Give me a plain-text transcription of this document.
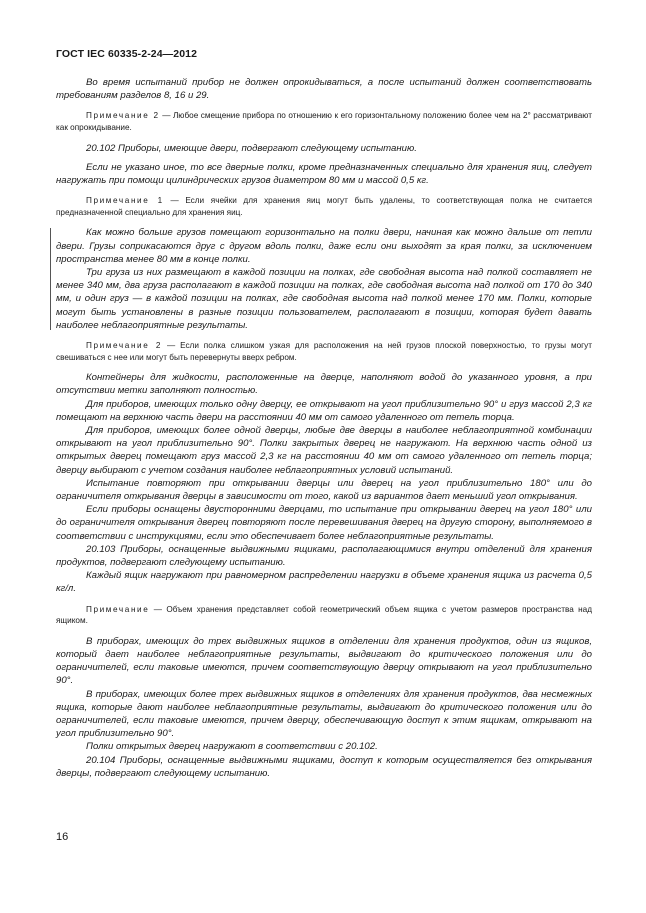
ГОСТ IEC 60335-2-24—2012

Во время испытаний прибор не должен опрокидываться, а после испытаний должен соответствовать требованиям разделов 8, 16 и 29.

Примечание 2 — Любое смещение прибора по отношению к его горизонтальному положению более чем на 2° рассматривают как опрокидывание.

20.102 Приборы, имеющие двери, подвергают следующему испытанию.

Если не указано иное, то все дверные полки, кроме предназначенных специально для хранения яиц, следует нагружать при помощи цилиндрических грузов диаметром 80 мм и массой 0,5 кг.

Примечание 1 — Если ячейки для хранения яиц могут быть удалены, то соответствующая полка не считается предназначенной специально для хранения яиц.

Как можно больше грузов помещают горизонтально на полки двери, начиная как можно дальше от петли двери. Грузы соприкасаются друг с другом вдоль полки, даже если они выходят за края полки, за исключением пространства менее 80 мм в конце полки.

Три груза из них размещают в каждой позиции на полках, где свободная высота над полкой составляет не менее 340 мм, два груза располагают в каждой позиции на полках, где свободная высота над полкой от 170 до 340 мм, и один груз — в каждой позиции на полках, где свободная высота над полкой менее 170 мм. Полки, которые могут быть установлены в разные позиции пользователем, располагают в позиции, которая будет давать наиболее неблагоприятные результаты.

Примечание 2 — Если полка слишком узкая для расположения на ней грузов плоской поверхностью, то грузы могут свешиваться с нее или могут быть перевернуты вверх ребром.

Контейнеры для жидкости, расположенные на дверце, наполняют водой до указанного уровня, а при отсутствии метки заполняют полностью.

Для приборов, имеющих только одну дверцу, ее открывают на угол приблизительно 90° и груз массой 2,3 кг помещают на верхнюю часть двери на расстоянии 40 мм от самого удаленного от петель торца.

Для приборов, имеющих более одной дверцы, любые две дверцы в наиболее неблагоприятной комбинации открывают на угол приблизительно 90°. Полки закрытых дверец не нагружают. На верхнюю часть одной из открытых дверец помещают груз массой 2,3 кг на расстоянии 40 мм от самого удаленного от петель торца; дверцу выбирают с учетом создания наиболее неблагоприятных условий испытаний.

Испытание повторяют при открывании дверцы или дверец на угол приблизительно 180° или до ограничителя открывания дверцы в зависимости от того, какой из вариантов дает меньший угол открывания.

Если приборы оснащены двусторонними дверцами, то испытание при открывании дверец на угол 180° или до ограничителя открывания дверец повторяют после перевешивания дверец на другую сторону, выполняемого в соответствии с инструкциями, если это обеспечивает более неблагоприятные результаты.

20.103 Приборы, оснащенные выдвижными ящиками, располагающимися внутри отделений для хранения продуктов, подвергают следующему испытанию.

Каждый ящик нагружают при равномерном распределении нагрузки в объеме хранения ящика из расчета 0,5 кг/л.

Примечание — Объем хранения представляет собой геометрический объем ящика с учетом размеров пространства над ящиком.

В приборах, имеющих до трех выдвижных ящиков в отделении для хранения продуктов, один из ящиков, который дает наиболее неблагоприятные результаты, выдвигают до критического положения или до ограничителей, если таковые имеются, причем соответствующую дверцу открывают на угол приблизительно 90°.

В приборах, имеющих более трех выдвижных ящиков в отделениях для хранения продуктов, два несмежных ящика, которые дают наиболее неблагоприятные результаты, выдвигают до критического положения или до ограничителей, если таковые имеются, причем дверцу, обеспечивающую доступ к этим ящикам, открывают на угол приблизительно 90°.

Полки открытых дверец нагружают в соответствии с 20.102.

20.104 Приборы, оснащенные выдвижными ящиками, доступ к которым осуществляется без открывания дверцы, подвергают следующему испытанию.

16
